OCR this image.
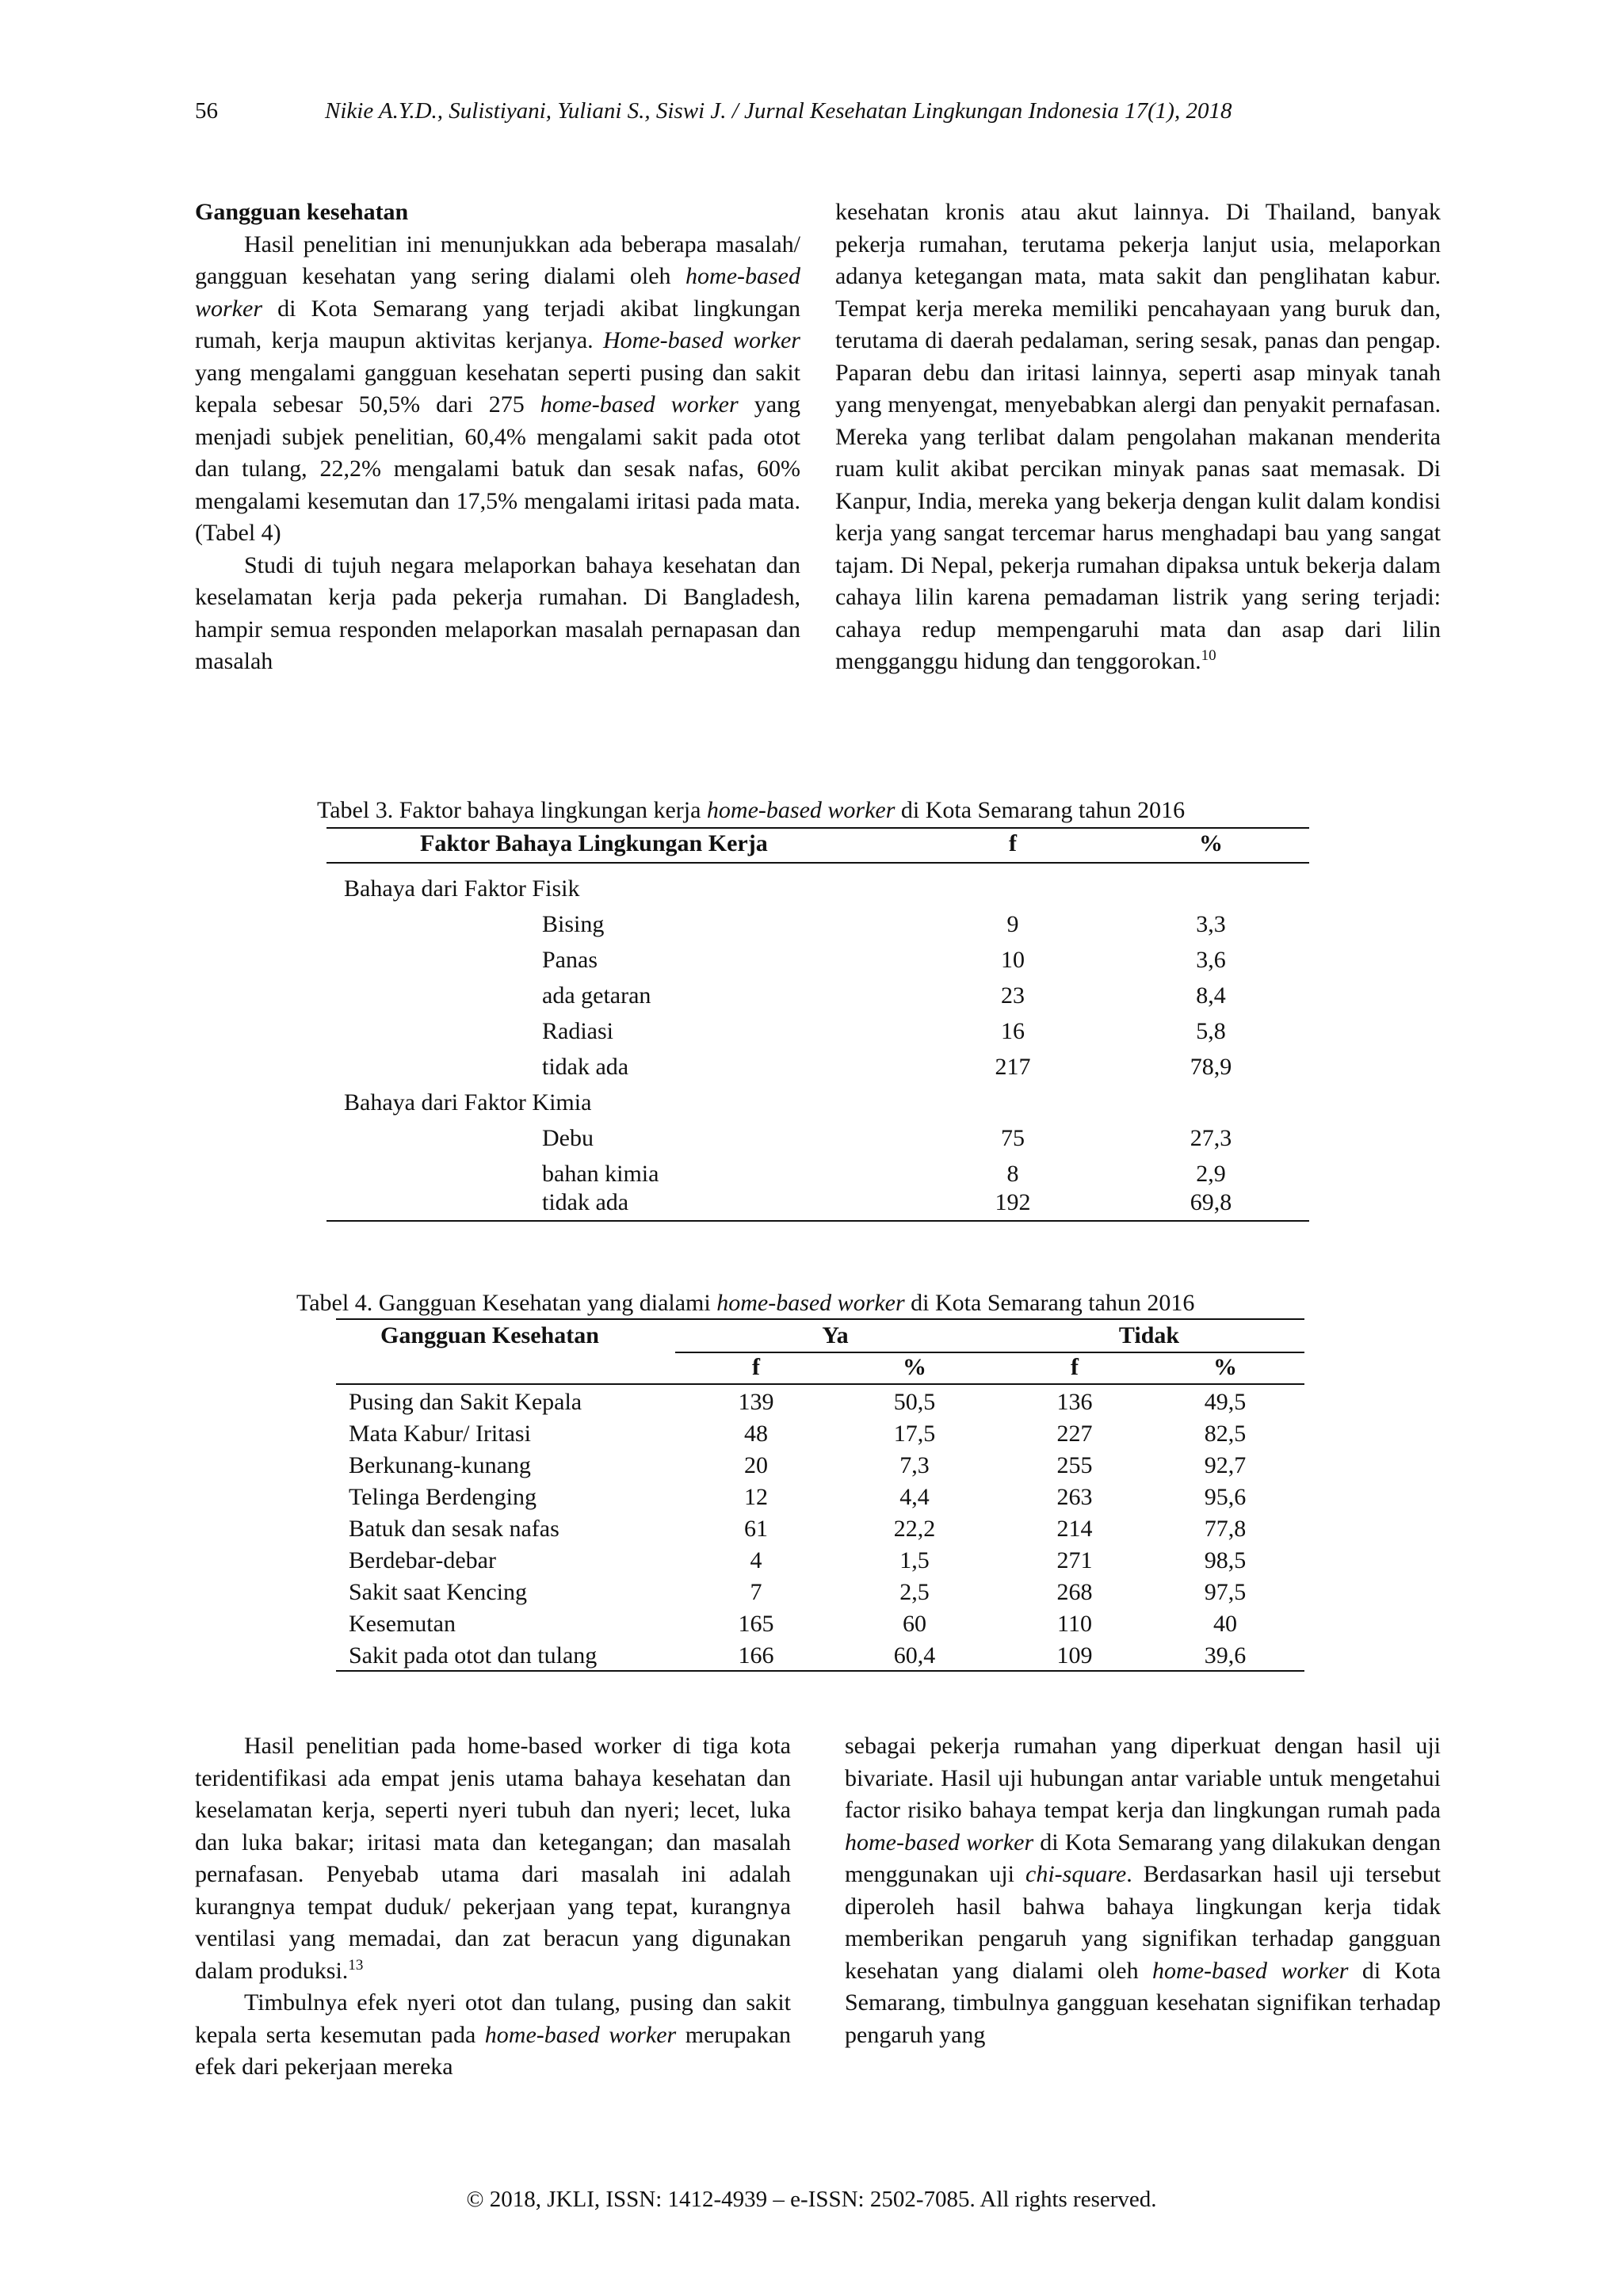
56	Nikie A.Y.D., Sulistiyani, Yuliani S., Siswi J. / Jurnal Kesehatan Lingkungan Indonesia 17(1), 2018
Gangguan kesehatan

Hasil penelitian ini menunjukkan ada beberapa masalah/ gangguan kesehatan yang sering dialami oleh home-based worker di Kota Semarang yang terjadi akibat lingkungan rumah, kerja maupun aktivitas kerjanya. Home-based worker yang mengalami gangguan kesehatan seperti pusing dan sakit kepala sebesar 50,5% dari 275 home-based worker yang menjadi subjek penelitian, 60,4% mengalami sakit pada otot dan tulang, 22,2% mengalami batuk dan sesak nafas, 60% mengalami kesemutan dan 17,5% mengalami iritasi pada mata. (Tabel 4)

Studi di tujuh negara melaporkan bahaya kesehatan dan keselamatan kerja pada pekerja rumahan. Di Bangladesh, hampir semua responden melaporkan masalah pernapasan dan masalah

kesehatan kronis atau akut lainnya. Di Thailand, banyak pekerja rumahan, terutama pekerja lanjut usia, melaporkan adanya ketegangan mata, mata sakit dan penglihatan kabur. Tempat kerja mereka memiliki pencahayaan yang buruk dan, terutama di daerah pedalaman, sering sesak, panas dan pengap. Paparan debu dan iritasi lainnya, seperti asap minyak tanah yang menyengat, menyebabkan alergi dan penyakit pernafasan. Mereka yang terlibat dalam pengolahan makanan menderita ruam kulit akibat percikan minyak panas saat memasak. Di Kanpur, India, mereka yang bekerja dengan kulit dalam kondisi kerja yang sangat tercemar harus menghadapi bau yang sangat tajam. Di Nepal, pekerja rumahan dipaksa untuk bekerja dalam cahaya lilin karena pemadaman listrik yang sering terjadi: cahaya redup mempengaruhi mata dan asap dari lilin mengganggu hidung dan tenggorokan.$^{10}$

Tabel 3. Faktor bahaya lingkungan kerja home-based worker di Kota Semarang tahun 2016
Faktor Bahaya Lingkungan Kerja	f	%
Bahaya dari Faktor Fisik
Bising	9	3,3
Panas	10	3,6
ada getaran	23	8,4
Radiasi	16	5,8
tidak ada	217	78,9
Bahaya dari Faktor Kimia
Debu	75	27,3
bahan kimia	8	2,9
tidak ada	192	69,8
Tabel 4. Gangguan Kesehatan yang dialami home-based worker di Kota Semarang tahun 2016
Gangguan Kesehatan	Ya	Tidak
f	%	f	%
Pusing dan Sakit Kepala	139	50,5	136	49,5
Mata Kabur/ Iritasi	48	17,5	227	82,5
Berkunang-kunang	20	7,3	255	92,7
Telinga Berdenging	12	4,4	263	95,6
Batuk dan sesak nafas	61	22,2	214	77,8
Berdebar-debar	4	1,5	271	98,5
Sakit saat Kencing	7	2,5	268	97,5
Kesemutan	165	60	110	40
Sakit pada otot dan tulang	166	60,4	109	39,6

Hasil penelitian pada home-based worker di tiga kota teridentifikasi ada empat jenis utama bahaya kesehatan dan keselamatan kerja, seperti nyeri tubuh dan nyeri; lecet, luka dan luka bakar; iritasi mata dan ketegangan; dan masalah pernafasan. Penyebab utama dari masalah ini adalah kurangnya tempat duduk/ pekerjaan yang tepat, kurangnya ventilasi yang memadai, dan zat beracun yang digunakan dalam produksi.$^{13}$

Timbulnya efek nyeri otot dan tulang, pusing dan sakit kepala serta kesemutan pada home-based worker merupakan efek dari pekerjaan mereka

sebagai pekerja rumahan yang diperkuat dengan hasil uji bivariate. Hasil uji hubungan antar variable untuk mengetahui factor risiko bahaya tempat kerja dan lingkungan rumah pada home-based worker di Kota Semarang yang dilakukan dengan menggunakan uji chi-square. Berdasarkan hasil uji tersebut diperoleh hasil bahwa bahaya lingkungan kerja tidak memberikan pengaruh yang signifikan terhadap gangguan kesehatan yang dialami oleh home-based worker di Kota Semarang, timbulnya gangguan kesehatan signifikan terhadap pengaruh yang

© 2018, JKLI, ISSN: 1412-4939 – e-ISSN: 2502-7085. All rights reserved.
